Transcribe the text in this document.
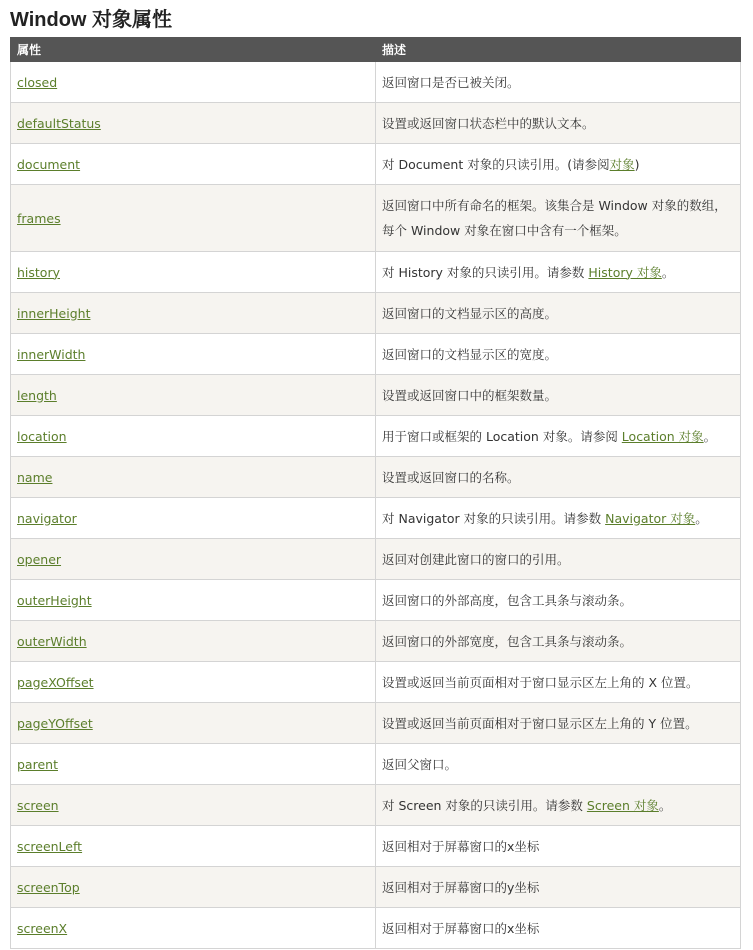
Window 对象属性
属性	描述
closed	返回窗口是否已被关闭。
defaultStatus	设置或返回窗口状态栏中的默认文本。
document	对 Document 对象的只读引用。(请参阅对象)
frames	返回窗口中所有命名的框架。该集合是 Window 对象的数组，每个 Window 对象在窗口中含有一个框架。
history	对 History 对象的只读引用。请参数 History 对象。
innerHeight	返回窗口的文档显示区的高度。
innerWidth	返回窗口的文档显示区的宽度。
length	设置或返回窗口中的框架数量。
location	用于窗口或框架的 Location 对象。请参阅 Location 对象。
name	设置或返回窗口的名称。
navigator	对 Navigator 对象的只读引用。请参数 Navigator 对象。
opener	返回对创建此窗口的窗口的引用。
outerHeight	返回窗口的外部高度，包含工具条与滚动条。
outerWidth	返回窗口的外部宽度，包含工具条与滚动条。
pageXOffset	设置或返回当前页面相对于窗口显示区左上角的 X 位置。
pageYOffset	设置或返回当前页面相对于窗口显示区左上角的 Y 位置。
parent	返回父窗口。
screen	对 Screen 对象的只读引用。请参数 Screen 对象。
screenLeft	返回相对于屏幕窗口的x坐标
screenTop	返回相对于屏幕窗口的y坐标
screenX	返回相对于屏幕窗口的x坐标
